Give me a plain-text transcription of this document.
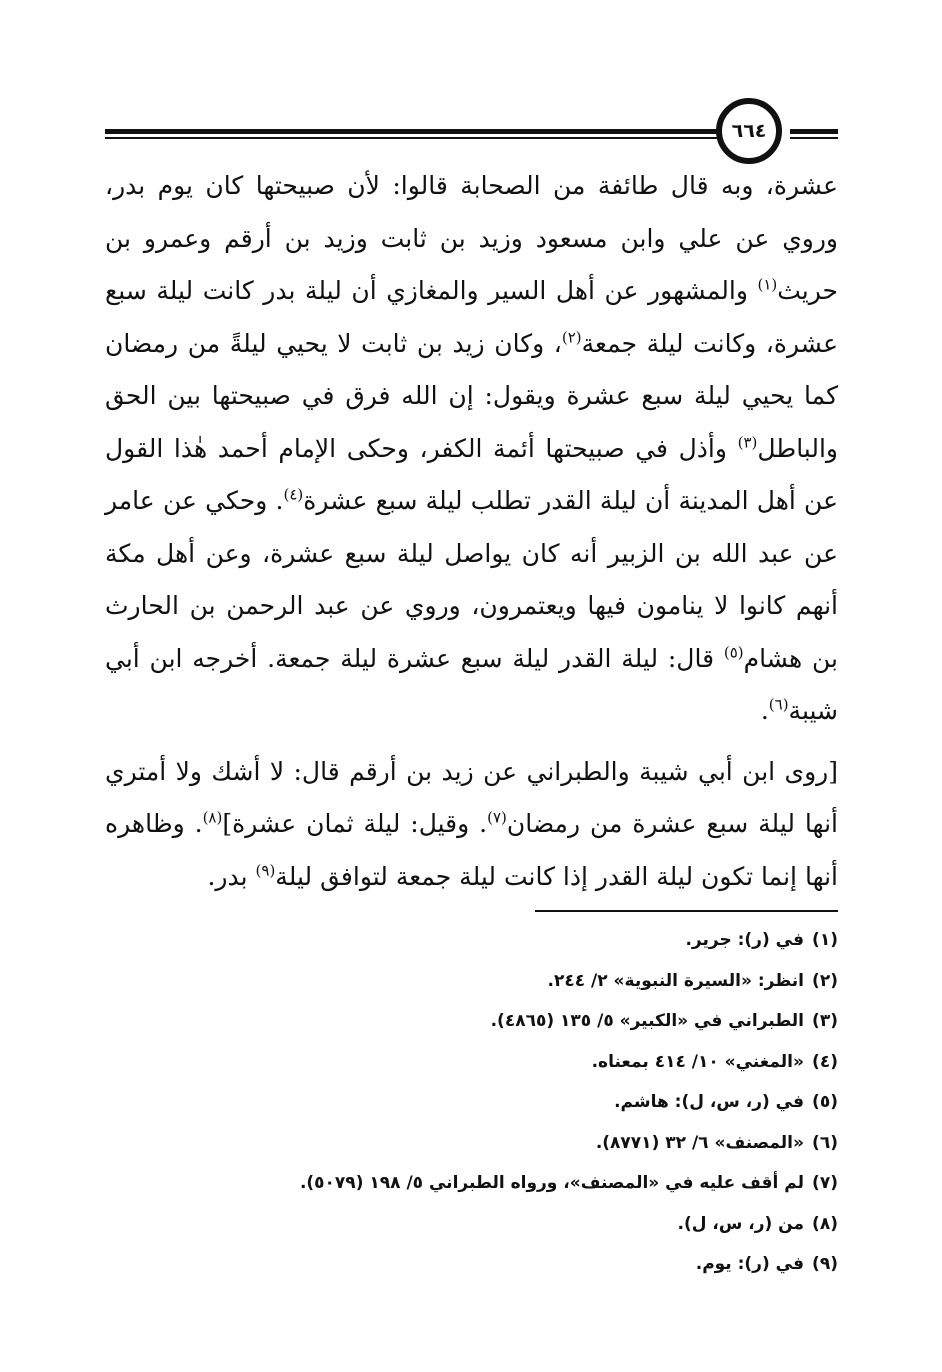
٦٦٤

عشرة، وبه قال طائفة من الصحابة قالوا: لأن صبيحتها كان يوم بدر، وروي عن علي وابن مسعود وزيد بن ثابت وزيد بن أرقم وعمرو بن حريث$^{(١)}$ والمشهور عن أهل السير والمغازي أن ليلة بدر كانت ليلة سبع عشرة، وكانت ليلة جمعة$^{(٢)}$، وكان زيد بن ثابت لا يحيي ليلةً من رمضان كما يحيي ليلة سبع عشرة ويقول: إن الله فرق في صبيحتها بين الحق والباطل$^{(٣)}$ وأذل في صبيحتها أئمة الكفر، وحكى الإمام أحمد هٰذا القول عن أهل المدينة أن ليلة القدر تطلب ليلة سبع عشرة$^{(٤)}$. وحكي عن عامر عن عبد الله بن الزبير أنه كان يواصل ليلة سبع عشرة، وعن أهل مكة أنهم كانوا لا ينامون فيها ويعتمرون، وروي عن عبد الرحمن بن الحارث بن هشام$^{(٥)}$ قال: ليلة القدر ليلة سبع عشرة ليلة جمعة. أخرجه ابن أبي شيبة$^{(٦)}$.

[روى ابن أبي شيبة والطبراني عن زيد بن أرقم قال: لا أشك ولا أمتري أنها ليلة سبع عشرة من رمضان$^{(٧)}$. وقيل: ليلة ثمان عشرة]$^{(٨)}$. وظاهره أنها إنما تكون ليلة القدر إذا كانت ليلة جمعة لتوافق ليلة$^{(٩)}$ بدر.

(١)
في (ر): جرير.
(٢)
انظر: «السيرة النبوية» ٢/ ٢٤٤.
(٣)
الطبراني في «الكبير» ٥/ ١٣٥ (٤٨٦٥).
(٤)
«المغني» ١٠/ ٤١٤ بمعناه.
(٥)
في (ر، س، ل): هاشم.
(٦)
«المصنف» ٦/ ٣٢ (٨٧٧١).
(٧)
لم أقف عليه في «المصنف»، ورواه الطبراني ٥/ ١٩٨ (٥٠٧٩).
(٨)
من (ر، س، ل).
(٩)
في (ر): يوم.
